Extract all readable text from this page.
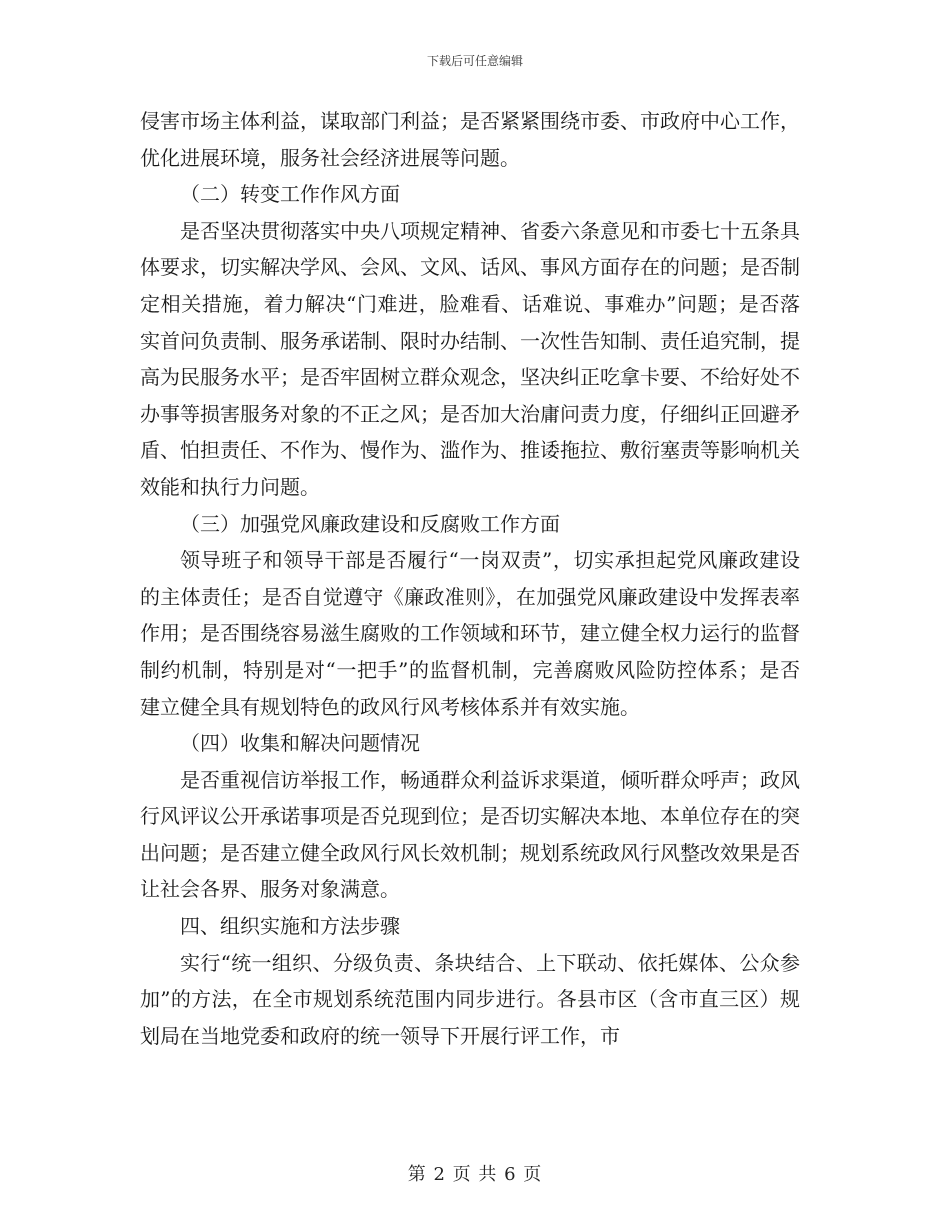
下载后可任意编辑

侵害市场主体利益，谋取部门利益；是否紧紧围绕市委、市政府中心工作，优化进展环境，服务社会经济进展等问题。

（二）转变工作作风方面

是否坚决贯彻落实中央八项规定精神、省委六条意见和市委七十五条具体要求，切实解决学风、会风、文风、话风、事风方面存在的问题；是否制定相关措施，着力解决“门难进，脸难看、话难说、事难办”问题；是否落实首问负责制、服务承诺制、限时办结制、一次性告知制、责任追究制，提高为民服务水平；是否牢固树立群众观念，坚决纠正吃拿卡要、不给好处不办事等损害服务对象的不正之风；是否加大治庸问责力度，仔细纠正回避矛盾、怕担责任、不作为、慢作为、滥作为、推诿拖拉、敷衍塞责等影响机关效能和执行力问题。

（三）加强党风廉政建设和反腐败工作方面

领导班子和领导干部是否履行“一岗双责”，切实承担起党风廉政建设的主体责任；是否自觉遵守《廉政准则》，在加强党风廉政建设中发挥表率作用；是否围绕容易滋生腐败的工作领域和环节，建立健全权力运行的监督制约机制，特别是对“一把手”的监督机制，完善腐败风险防控体系；是否建立健全具有规划特色的政风行风考核体系并有效实施。

（四）收集和解决问题情况

是否重视信访举报工作，畅通群众利益诉求渠道，倾听群众呼声；政风行风评议公开承诺事项是否兑现到位；是否切实解决本地、本单位存在的突出问题；是否建立健全政风行风长效机制；规划系统政风行风整改效果是否让社会各界、服务对象满意。

四、组织实施和方法步骤

实行“统一组织、分级负责、条块结合、上下联动、依托媒体、公众参加”的方法，在全市规划系统范围内同步进行。各县市区（含市直三区）规划局在当地党委和政府的统一领导下开展行评工作，市

第 2 页 共 6 页
